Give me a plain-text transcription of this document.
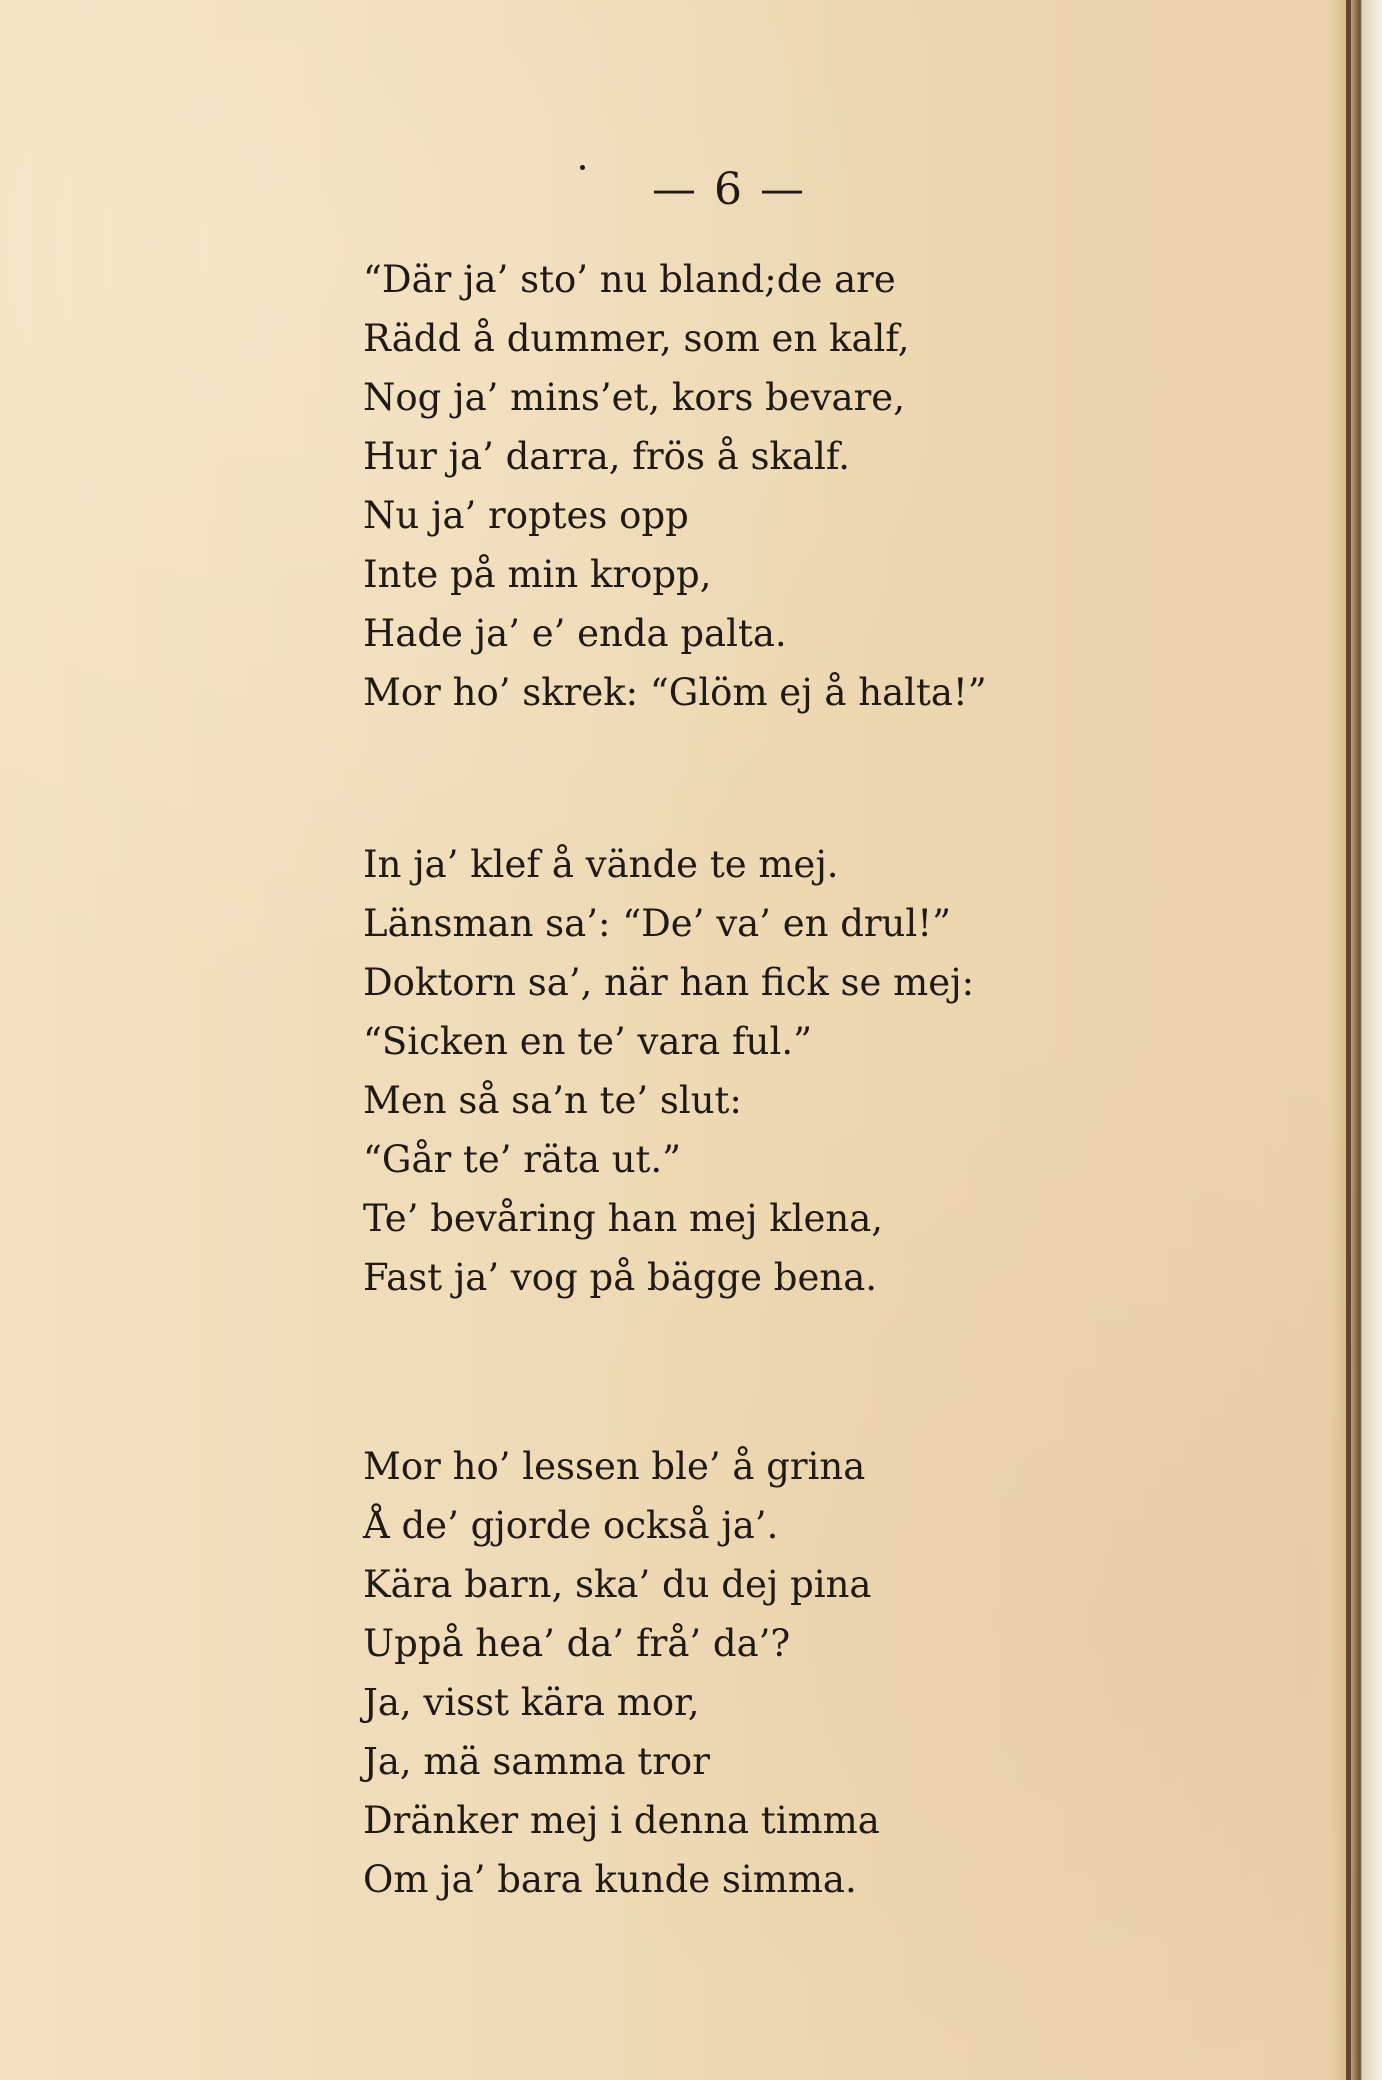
— 6 —
“Där ja’ sto’ nu bland;de are
Rädd å dummer, som en kalf,
Nog ja’ mins’et, kors bevare,
Hur ja’ darra, frös å skalf.
Nu ja’ roptes opp
Inte på min kropp,
Hade ja’ e’ enda palta.
Mor ho’ skrek: “Glöm ej å halta!”
In ja’ klef å vände te mej.
Länsman sa’: “De’ va’ en drul!”
Doktorn sa’, när han fick se mej:
“Sicken en te’ vara ful.”
Men så sa’n te’ slut:
“Går te’ räta ut.”
Te’ bevåring han mej klena,
Fast ja’ vog på bägge bena.
Mor ho’ lessen ble’ å grina
Å de’ gjorde också ja’.
Kära barn, ska’ du dej pina
Uppå hea’ da’ frå’ da’?
Ja, visst kära mor,
Ja, mä samma tror
Dränker mej i denna timma
Om ja’ bara kunde simma.
